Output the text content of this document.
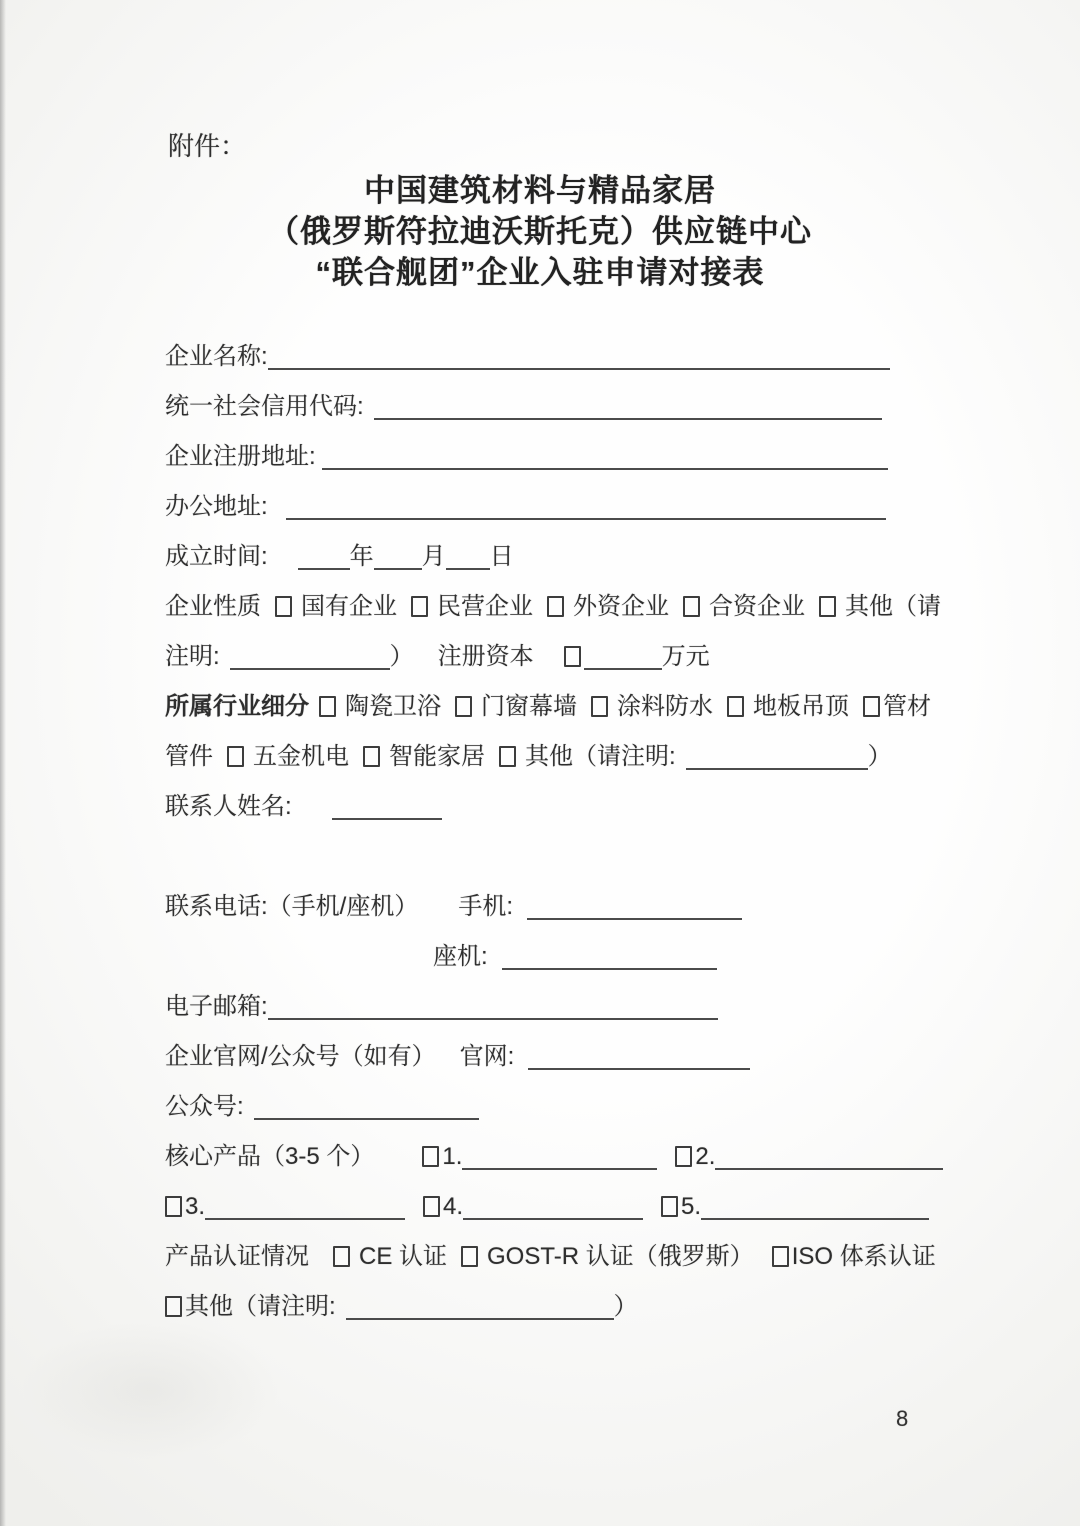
附件：
中国建筑材料与精品家居
（俄罗斯符拉迪沃斯托克）供应链中心
“联合舰团”企业入驻申请对接表
企业名称:
统一社会信用代码:
企业注册地址:
办公地址:
成立时间:	年 月 日
企业性质 国有企业 民营企业 外资企业 合资企业 其他（请
注明:	） 注册资本	万元
所属行业细分 陶瓷卫浴 门窗幕墙 涂料防水 地板吊顶 管材
管件 五金机电 智能家居 其他（请注明:	）
联系人姓名:
联系电话:（手机/座机） 手机:
座机:
电子邮箱:
企业官网/公众号（如有） 官网:
公众号:
核心产品（3-5 个）	1.	2.
3.	4.	5.
产品认证情况 CE 认证 GOST-R 认证（俄罗斯） ISO 体系认证
其他（请注明:	）
8
